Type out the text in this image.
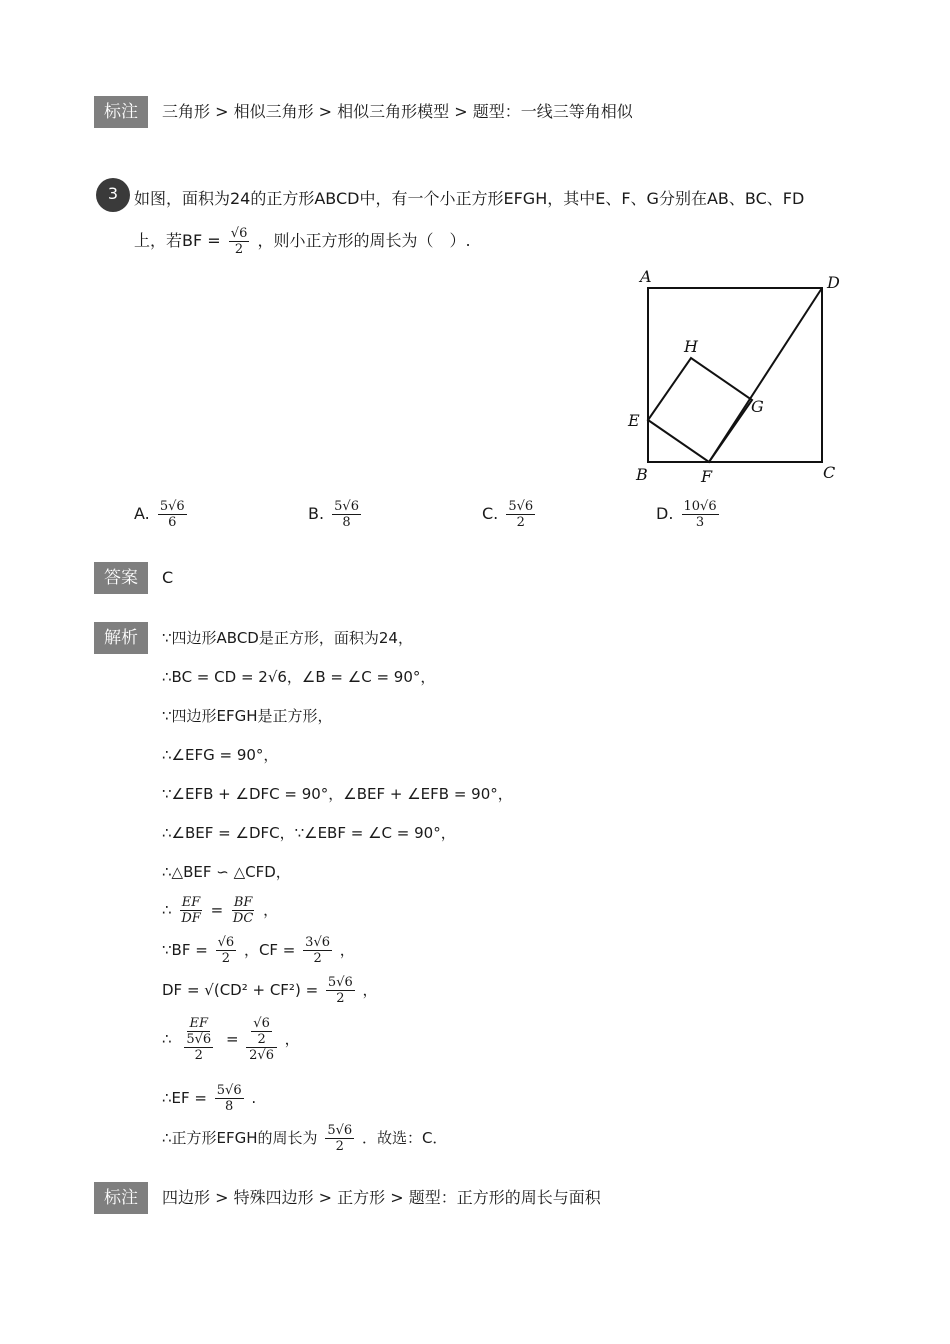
标注	三角形 > 相似三角形 > 相似三角形模型 > 题型：一线三等角相似
3 如图，面积为24的正方形ABCD中，有一个小正方形EFGH，其中E、F、G分别在AB、BC、FD
上，若BF = $\frac{√6}{2}$ ，则小正方形的周长为（　）.
A	D
H
G
E
B	F	C
A. $\frac{5√6}{6}$	B. $\frac{5√6}{8}$	C. $\frac{5√6}{2}$	D. $\frac{10√6}{3}$
答案	C
解析	∵四边形ABCD是正方形，面积为24，
∴BC = CD = 2√6，∠B = ∠C = 90°，
∵四边形EFGH是正方形，
∴∠EFG = 90°，
∵∠EFB + ∠DFC = 90°，∠BEF + ∠EFB = 90°，
∴∠BEF = ∠DFC，∵∠EBF = ∠C = 90°，
∴△BEF ∽ △CFD，
∴ $\frac{EF}{DF} = \frac{BF}{DC}$ ，
∵BF = $\frac{√6}{2}$ ，CF = $\frac{3√6}{2}$ ，
DF = $√(CD^2 + CF^2) = \frac{5√6}{2}$ ，
∴ $\frac{EF}{\frac{5√6}{2}} = \frac{\frac{√6}{2}}{2√6}$ ，
∴EF = $\frac{5√6}{8}$ .
∴正方形EFGH的周长为 $\frac{5√6}{2}$ ．故选：C．
标注	四边形 > 特殊四边形 > 正方形 > 题型：正方形的周长与面积
